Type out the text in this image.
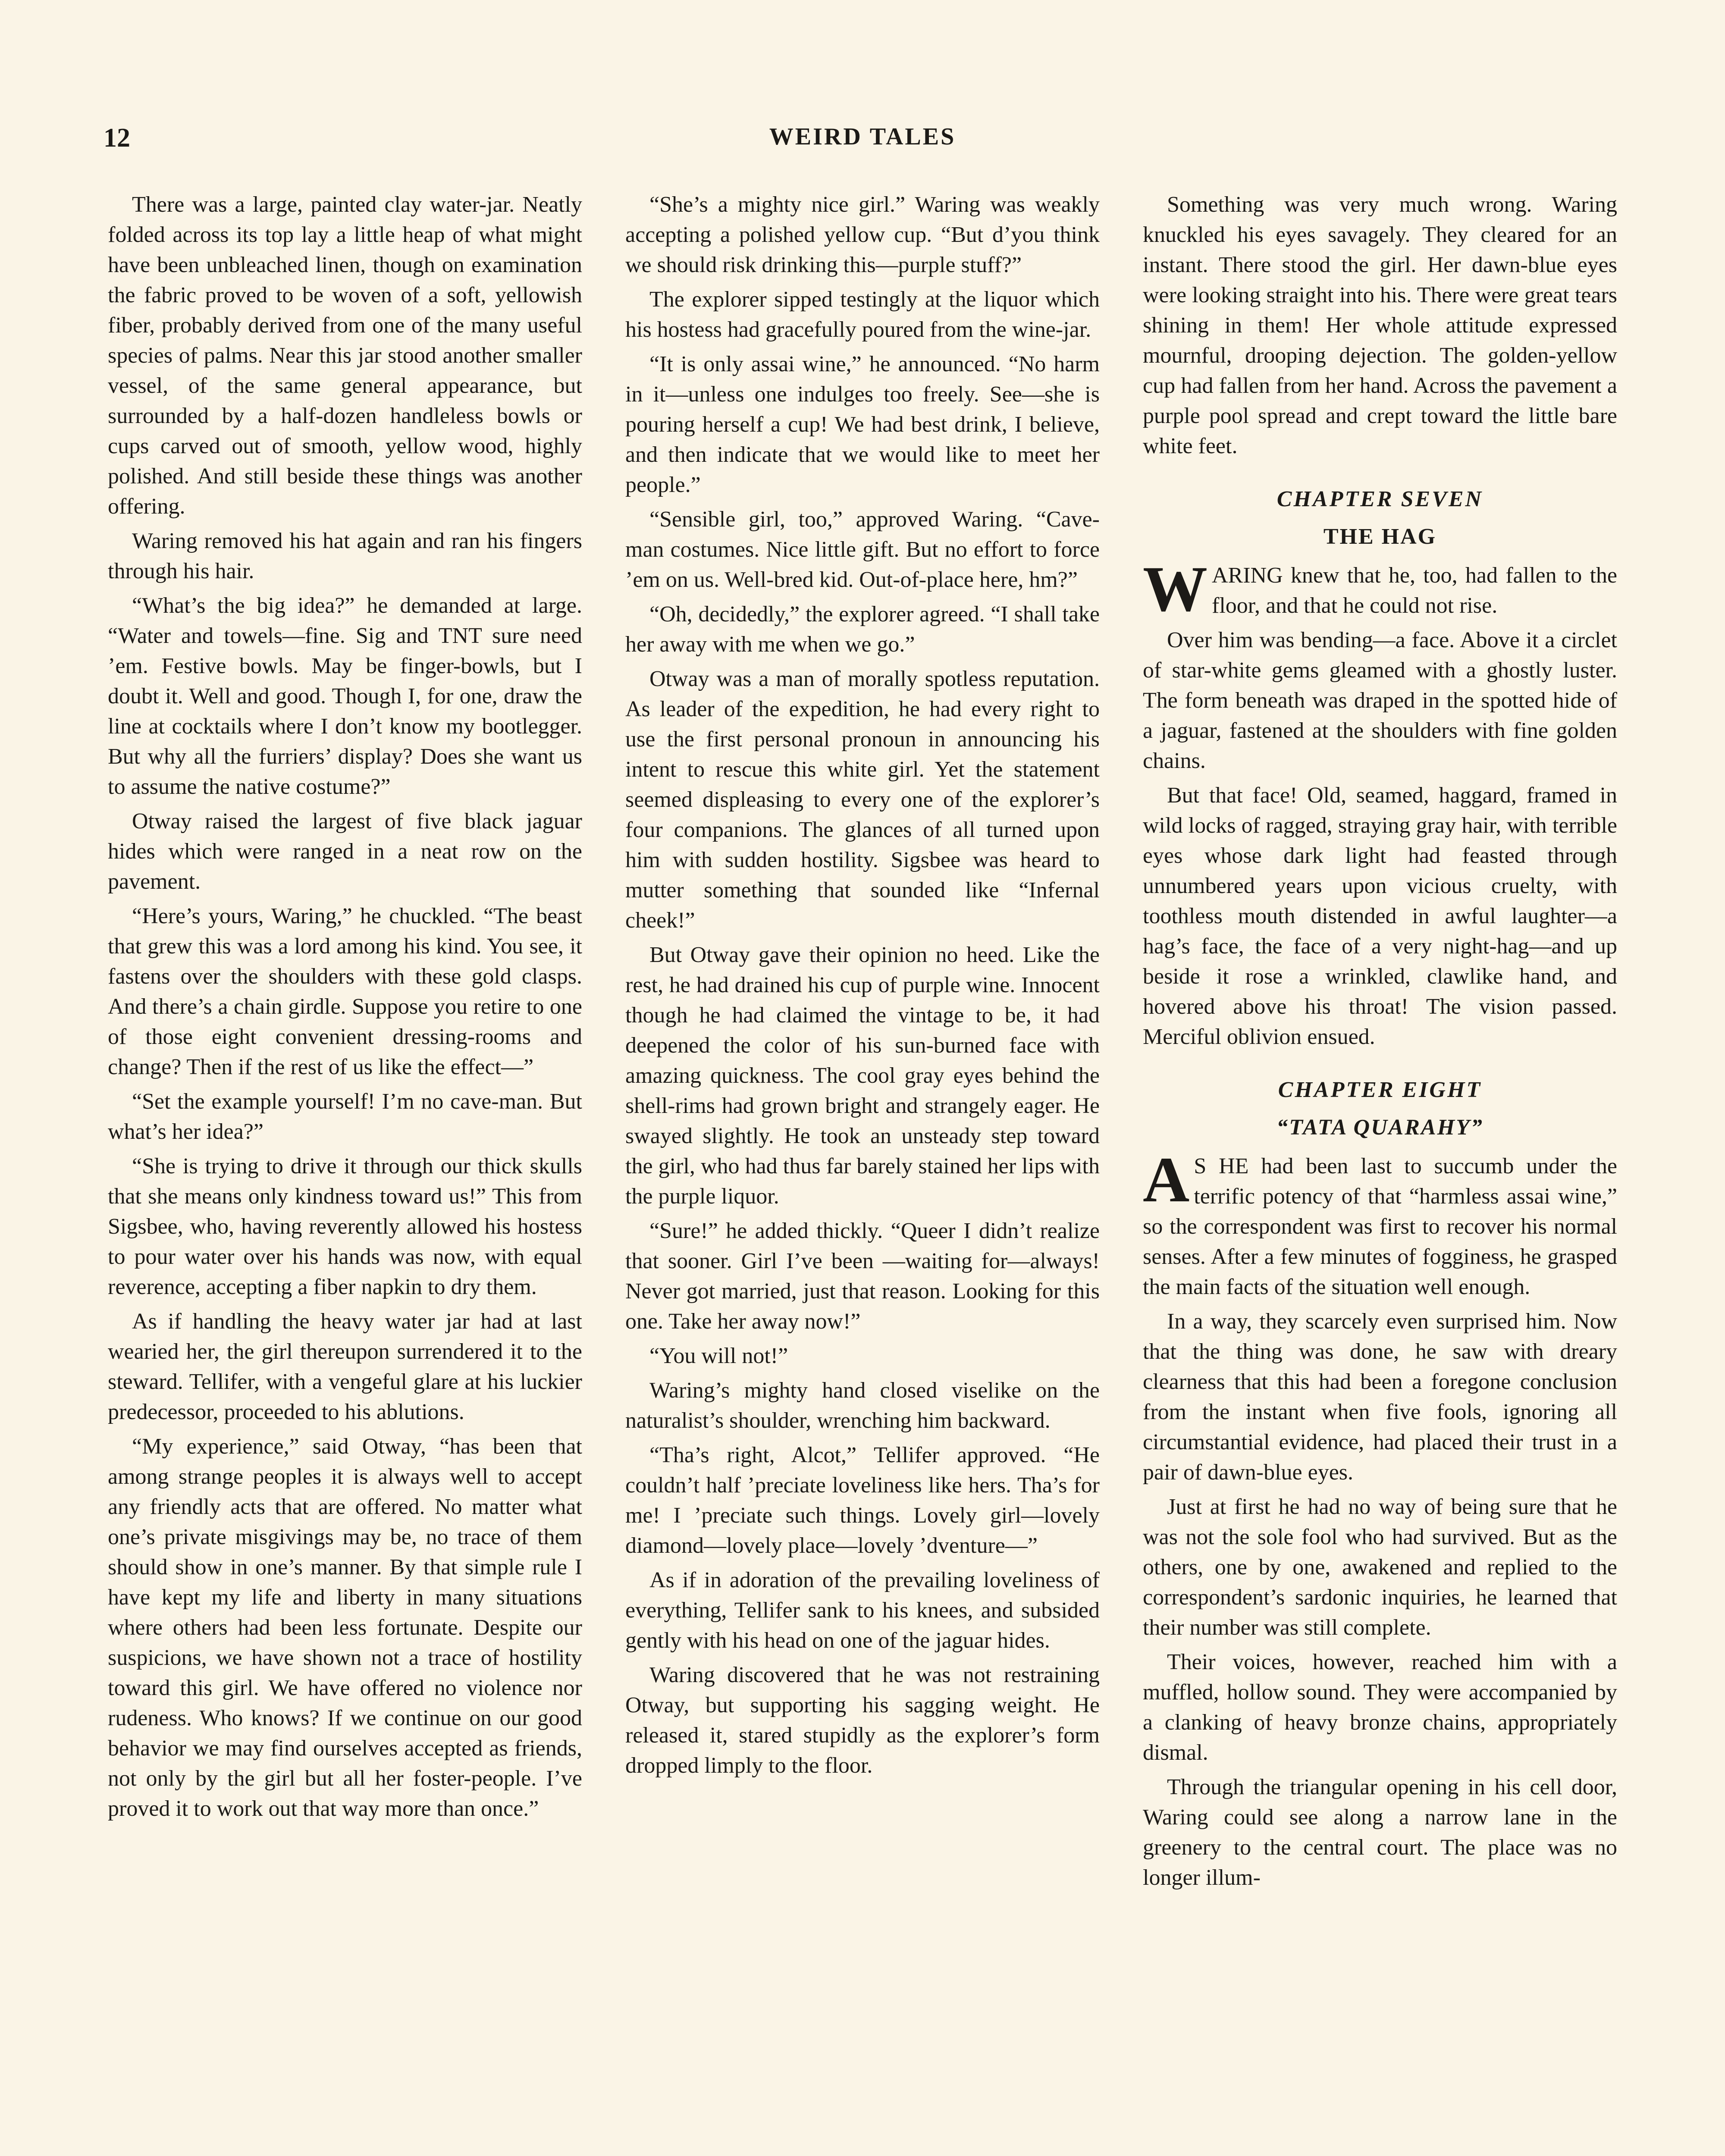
12	WEIRD TALES

There was a large, painted clay water-jar. Neatly folded across its top lay a little heap of what might have been unbleached linen, though on examination the fabric proved to be woven of a soft, yellowish fiber, probably derived from one of the many useful species of palms. Near this jar stood another smaller vessel, of the same general appearance, but surrounded by a half-dozen handleless bowls or cups carved out of smooth, yellow wood, highly polished. And still beside these things was another offering.

Waring removed his hat again and ran his fingers through his hair.

“What’s the big idea?” he demanded at large. “Water and towels—fine. Sig and TNT sure need ’em. Festive bowls. May be finger-bowls, but I doubt it. Well and good. Though I, for one, draw the line at cocktails where I don’t know my bootlegger. But why all the furriers’ display? Does she want us to assume the native costume?”

Otway raised the largest of five black jaguar hides which were ranged in a neat row on the pavement.

“Here’s yours, Waring,” he chuckled. “The beast that grew this was a lord among his kind. You see, it fastens over the shoulders with these gold clasps. And there’s a chain girdle. Suppose you retire to one of those eight convenient dressing-rooms and change? Then if the rest of us like the effect—”

“Set the example yourself! I’m no cave-man. But what’s her idea?”

“She is trying to drive it through our thick skulls that she means only kindness toward us!” This from Sigsbee, who, having reverently allowed his hostess to pour water over his hands was now, with equal reverence, accepting a fiber napkin to dry them.

As if handling the heavy water jar had at last wearied her, the girl thereupon surrendered it to the steward. Tellifer, with a vengeful glare at his luckier predecessor, proceeded to his ablutions.

“My experience,” said Otway, “has been that among strange peoples it is always well to accept any friendly acts that are offered. No matter what one’s private misgivings may be, no trace of them should show in one’s manner. By that simple rule I have kept my life and liberty in many situations where others had been less fortunate. Despite our suspicions, we have shown not a trace of hostility toward this girl. We have offered no violence nor rudeness. Who knows? If we continue on our good behavior we may find ourselves accepted as friends, not only by the girl but all her foster-people. I’ve proved it to work out that way more than once.”

“She’s a mighty nice girl.” Waring was weakly accepting a polished yellow cup. “But d’you think we should risk drinking this—purple stuff?”

The explorer sipped testingly at the liquor which his hostess had gracefully poured from the wine-jar.

“It is only assai wine,” he announced. “No harm in it—unless one indulges too freely. See—she is pouring herself a cup! We had best drink, I believe, and then indicate that we would like to meet her people.”

“Sensible girl, too,” approved Waring. “Cave-man costumes. Nice little gift. But no effort to force ’em on us. Well-bred kid. Out-of-place here, hm?”

“Oh, decidedly,” the explorer agreed. “I shall take her away with me when we go.”

Otway was a man of morally spotless reputation. As leader of the expedition, he had every right to use the first personal pronoun in announcing his intent to rescue this white girl. Yet the statement seemed displeasing to every one of the explorer’s four companions. The glances of all turned upon him with sudden hostility. Sigsbee was heard to mutter something that sounded like “Infernal cheek!”

But Otway gave their opinion no heed. Like the rest, he had drained his cup of purple wine. Innocent though he had claimed the vintage to be, it had deepened the color of his sun-burned face with amazing quickness. The cool gray eyes behind the shell-rims had grown bright and strangely eager. He swayed slightly. He took an unsteady step toward the girl, who had thus far barely stained her lips with the purple liquor.

“Sure!” he added thickly. “Queer I didn’t realize that sooner. Girl I’ve been —waiting for—always! Never got married, just that reason. Looking for this one. Take her away now!”

“You will not!”

Waring’s mighty hand closed viselike on the naturalist’s shoulder, wrenching him backward.

“Tha’s right, Alcot,” Tellifer approved. “He couldn’t half ’preciate loveliness like hers. Tha’s for me! I ’preciate such things. Lovely girl—lovely diamond—lovely place—lovely ’dventure—”

As if in adoration of the prevailing loveliness of everything, Tellifer sank to his knees, and subsided gently with his head on one of the jaguar hides.

Waring discovered that he was not restraining Otway, but supporting his sagging weight. He released it, stared stupidly as the explorer’s form dropped limply to the floor.

Something was very much wrong. Waring knuckled his eyes savagely. They cleared for an instant. There stood the girl. Her dawn-blue eyes were looking straight into his. There were great tears shining in them! Her whole attitude expressed mournful, drooping dejection. The golden-yellow cup had fallen from her hand. Across the pavement a purple pool spread and crept toward the little bare white feet.

CHAPTER SEVEN
THE HAG

WARING knew that he, too, had fallen to the floor, and that he could not rise.

Over him was bending—a face. Above it a circlet of star-white gems gleamed with a ghostly luster. The form beneath was draped in the spotted hide of a jaguar, fastened at the shoulders with fine golden chains.

But that face! Old, seamed, haggard, framed in wild locks of ragged, straying gray hair, with terrible eyes whose dark light had feasted through unnumbered years upon vicious cruelty, with toothless mouth distended in awful laughter—a hag’s face, the face of a very night-hag—and up beside it rose a wrinkled, clawlike hand, and hovered above his throat! The vision passed. Merciful oblivion ensued.

CHAPTER EIGHT
“TATA QUARAHY”

A S HE had been last to succumb under the terrific potency of that “harmless assai wine,” so the correspondent was first to recover his normal senses. After a few minutes of fogginess, he grasped the main facts of the situation well enough.

In a way, they scarcely even surprised him. Now that the thing was done, he saw with dreary clearness that this had been a foregone conclusion from the instant when five fools, ignoring all circumstantial evidence, had placed their trust in a pair of dawn-blue eyes.

Just at first he had no way of being sure that he was not the sole fool who had survived. But as the others, one by one, awakened and replied to the correspondent’s sardonic inquiries, he learned that their number was still complete.

Their voices, however, reached him with a muffled, hollow sound. They were accompanied by a clanking of heavy bronze chains, appropriately dismal.

Through the triangular opening in his cell door, Waring could see along a narrow lane in the greenery to the central court. The place was no longer illum-
